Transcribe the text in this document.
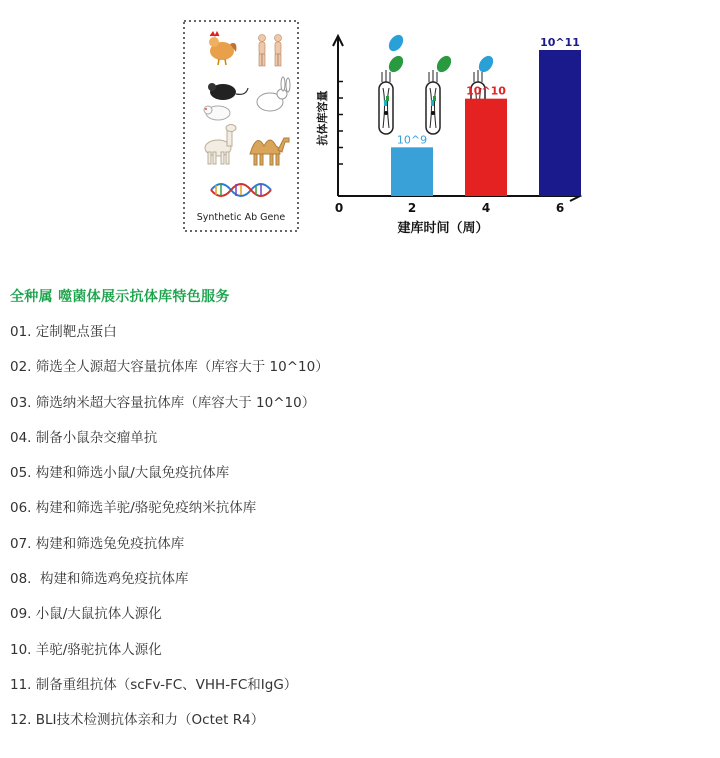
Synthetic Ab Gene
0	2	4	6
抗体库容量
建库时间（周）
10^9
10^10
10^11
全种属 噬菌体展示抗体库特色服务
01. 定制靶点蛋白
02. 筛选全人源超大容量抗体库（库容大于 10^10）
03. 筛选纳米超大容量抗体库（库容大于 10^10）
04. 制备小鼠杂交瘤单抗
05. 构建和筛选小鼠/大鼠免疫抗体库
06. 构建和筛选羊驼/骆驼免疫纳米抗体库
07. 构建和筛选兔免疫抗体库
08.  构建和筛选鸡免疫抗体库
09. 小鼠/大鼠抗体人源化
10. 羊驼/骆驼抗体人源化
11. 制备重组抗体（scFv-FC、VHH-FC和IgG）
12. BLI技术检测抗体亲和力（Octet R4）
